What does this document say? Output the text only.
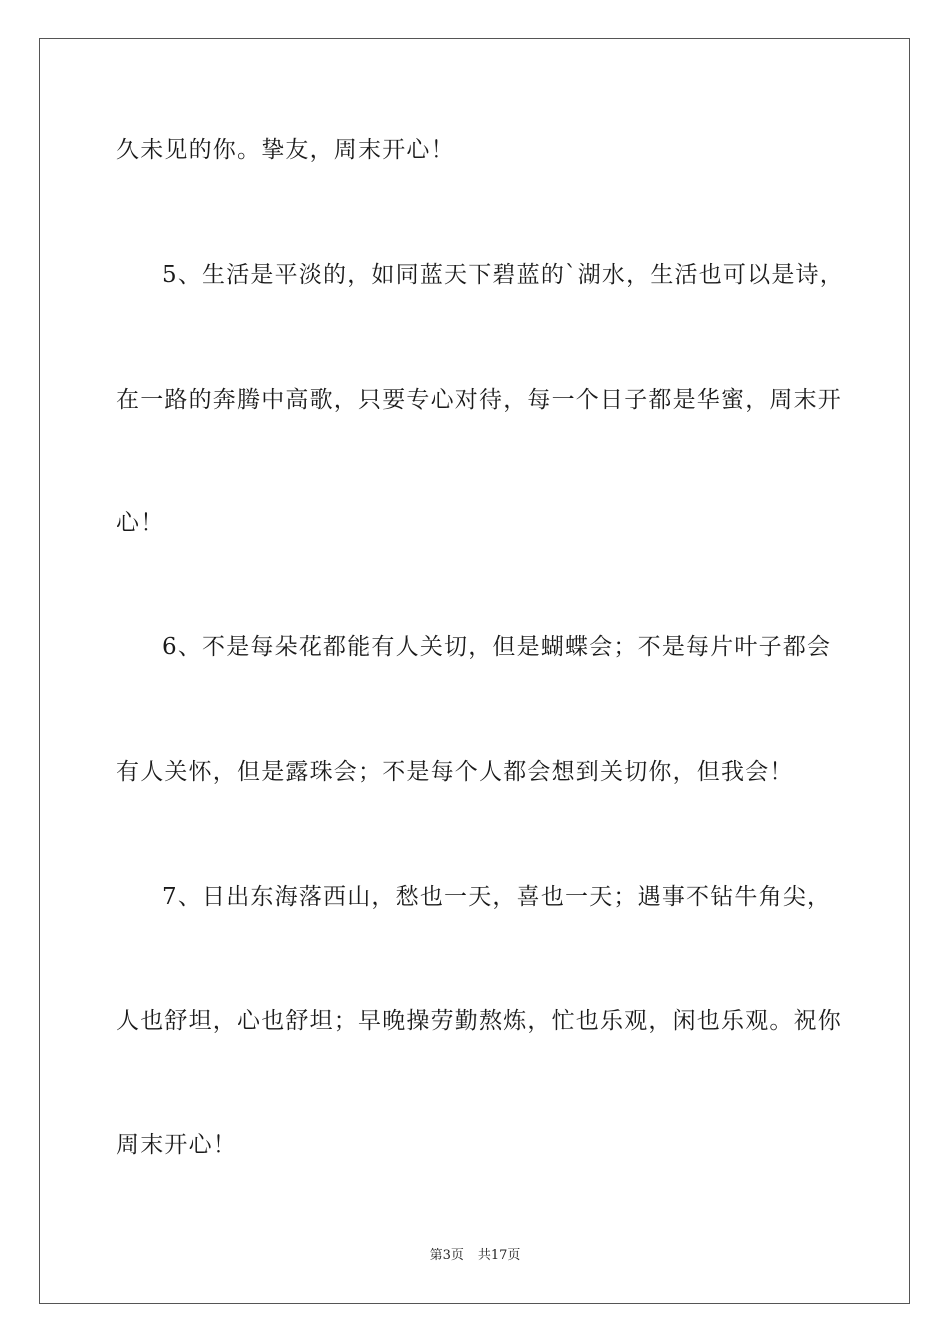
久未见的你。挚友，周末开心！
5、生活是平淡的，如同蓝天下碧蓝的`湖水，生活也可以是诗，
在一路的奔腾中高歌，只要专心对待，每一个日子都是华蜜，周末开
心！
6、不是每朵花都能有人关切，但是蝴蝶会；不是每片叶子都会
有人关怀，但是露珠会；不是每个人都会想到关切你，但我会！
7、日出东海落西山，愁也一天，喜也一天；遇事不钻牛角尖，
人也舒坦，心也舒坦；早晚操劳勤熬炼，忙也乐观，闲也乐观。祝你
周末开心！
第3页 共17页
